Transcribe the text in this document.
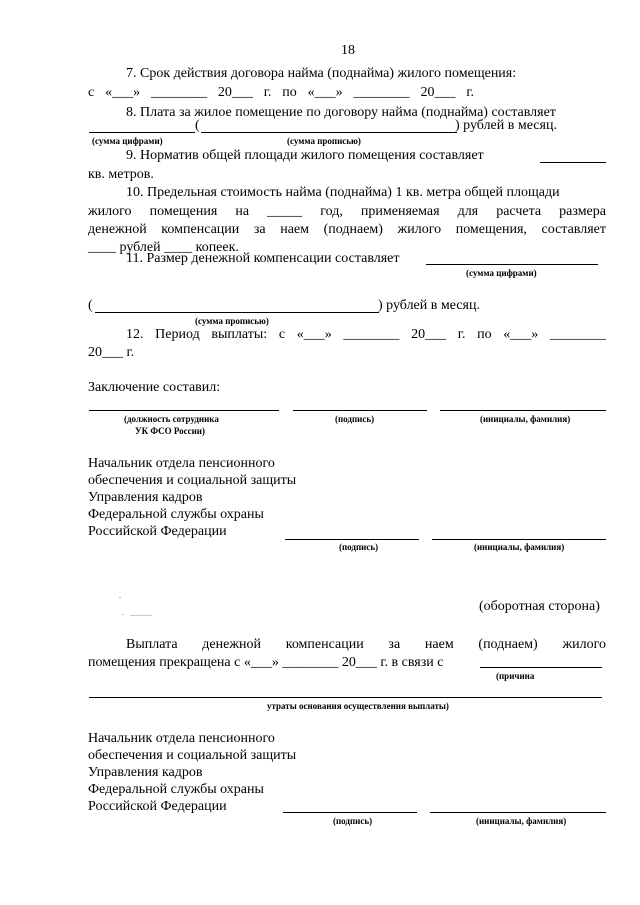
18
7. Срок действия договора найма (поднайма) жилого помещения:
с «___» ________ 20___ г. по «___» ________ 20___ г.
8. Плата за жилое помещение по договору найма (поднайма) составляет
(	) рублей в месяц.
(сумма цифрами)	(сумма прописью)
9. Норматив общей площади жилого помещения составляет
кв. метров.
10. Предельная стоимость найма (поднайма) 1 кв. метра общей площади
жилого помещения на _____ год, применяемая для расчета размера
денежной компенсации за наем (поднаем) жилого помещения, составляет
____ рублей ____ копеек.
11. Размер денежной компенсации составляет
(сумма цифрами)
(	) рублей в месяц.
(сумма прописью)
12. Период выплаты: с «___» ________ 20___ г. по «___» ________
20___ г.
Заключение составил:
(должность сотрудника
УК ФСО России)
(подпись)	(инициалы, фамилия)
Начальник отдела пенсионного
обеспечения и социальной защиты
Управления кадров
Федеральной службы охраны
Российской Федерации
(подпись)	(инициалы, фамилия)
(оборотная сторона)
Выплата денежной компенсации за наем (поднаем) жилого
помещения прекращена с «___» ________ 20___ г. в связи с
(причина
утраты основания осуществления выплаты)
Начальник отдела пенсионного
обеспечения и социальной защиты
Управления кадров
Федеральной службы охраны
Российской Федерации
(подпись)	(инициалы, фамилия)
